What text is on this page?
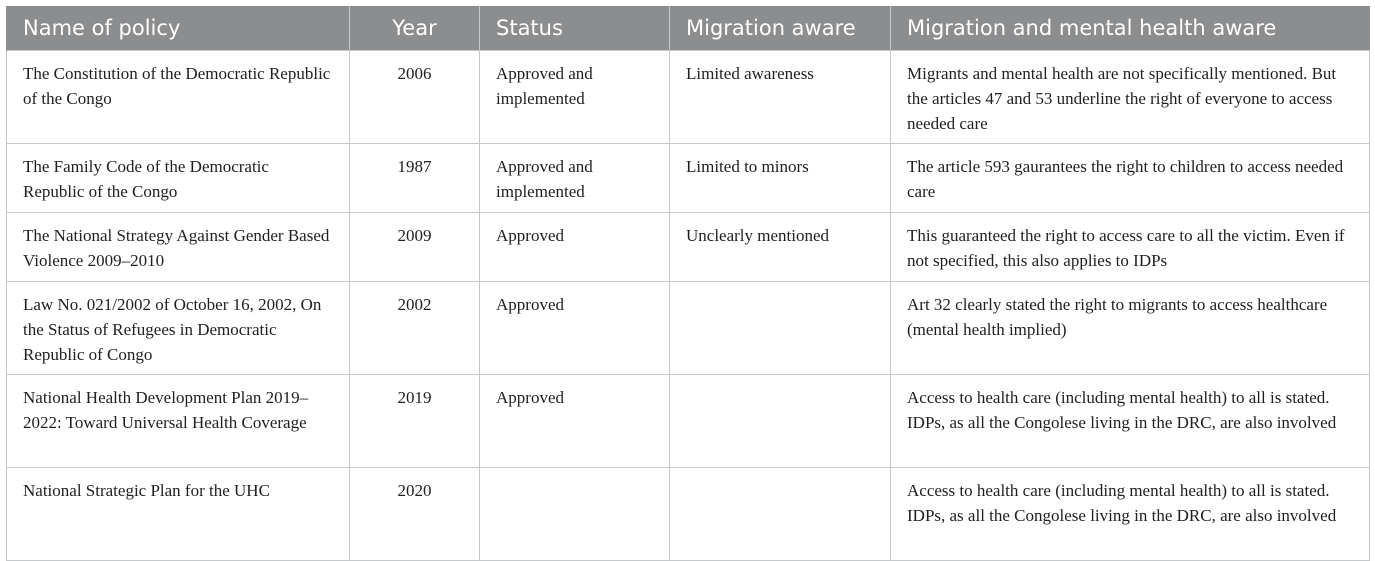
Name of policy	Year	Status	Migration aware	Migration and mental health aware
The Constitution of the Democratic Republic of the Congo	2006	Approved and implemented	Limited awareness	Migrants and mental health are not specifically mentioned. But the articles 47 and 53 underline the right of everyone to access needed care
The Family Code of the Democratic Republic of the Congo	1987	Approved and implemented	Limited to minors	The article 593 gaurantees the right to children to access needed care
The National Strategy Against Gender Based Violence 2009–2010	2009	Approved	Unclearly mentioned	This guaranteed the right to access care to all the victim. Even if not specified, this also applies to IDPs
Law No. 021/2002 of October 16, 2002, On the Status of Refugees in Democratic Republic of Congo	2002	Approved		Art 32 clearly stated the right to migrants to access healthcare (mental health implied)
National Health Development Plan 2019–2022: Toward Universal Health Coverage	2019	Approved		Access to health care (including mental health) to all is stated. IDPs, as all the Congolese living in the DRC, are also involved
National Strategic Plan for the UHC	2020			Access to health care (including mental health) to all is stated. IDPs, as all the Congolese living in the DRC, are also involved
